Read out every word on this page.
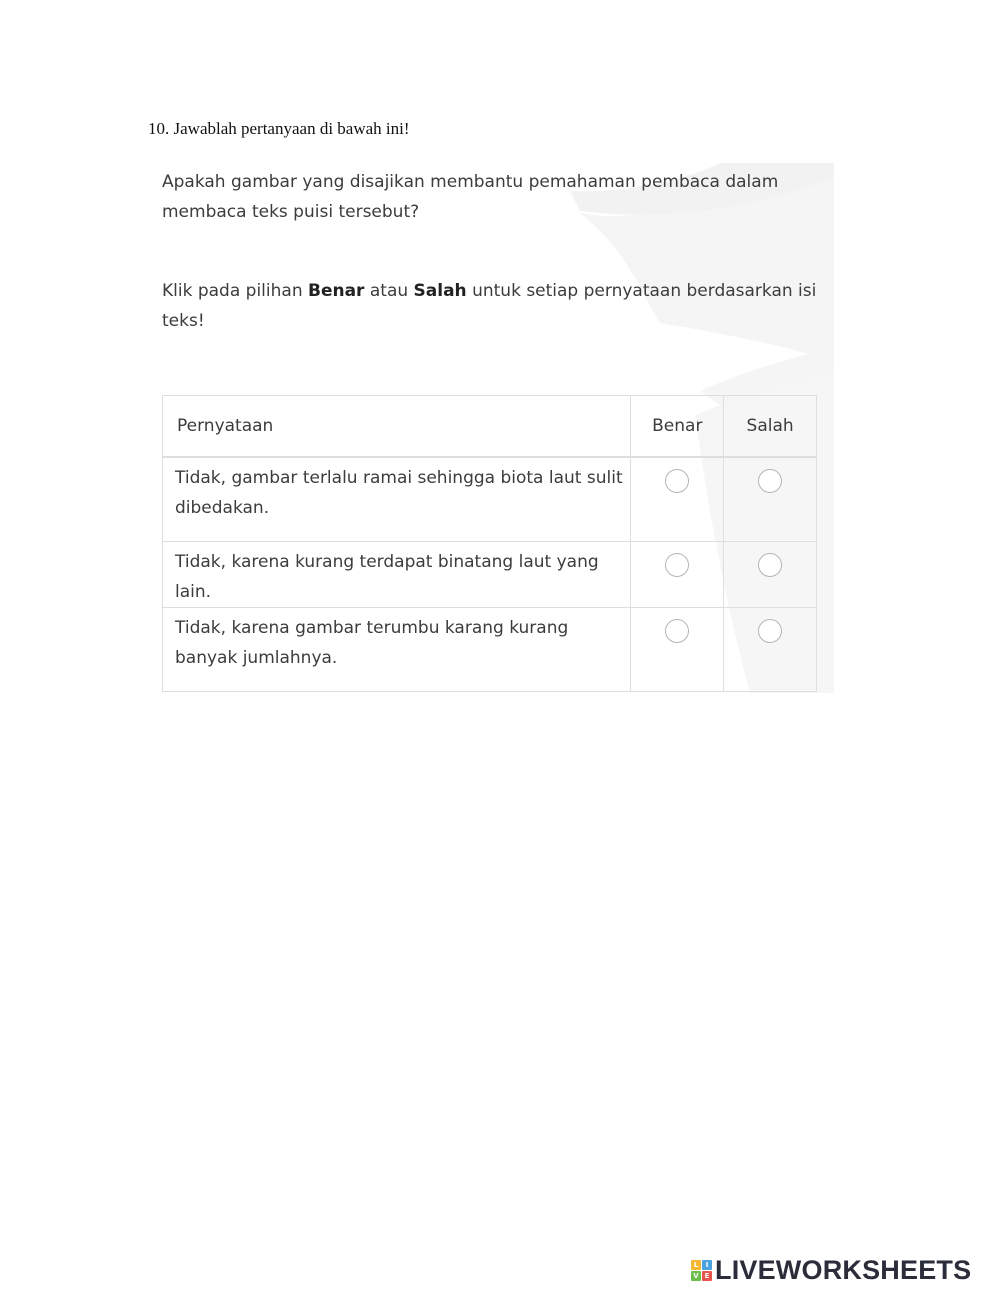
10. Jawablah pertanyaan di bawah ini!

Apakah gambar yang disajikan membantu pemahaman pembaca dalam membaca teks puisi tersebut?

Klik pada pilihan Benar atau Salah untuk setiap pernyataan berdasarkan isi teks!

Pernyataan	Benar	Salah
Tidak, gambar terlalu ramai sehingga biota laut sulit dibedakan.		
Tidak, karena kurang terdapat binatang laut yang lain.		
Tidak, karena gambar terumbu karang kurang banyak jumlahnya.		
L	I
V E LIVEWORKSHEETS
